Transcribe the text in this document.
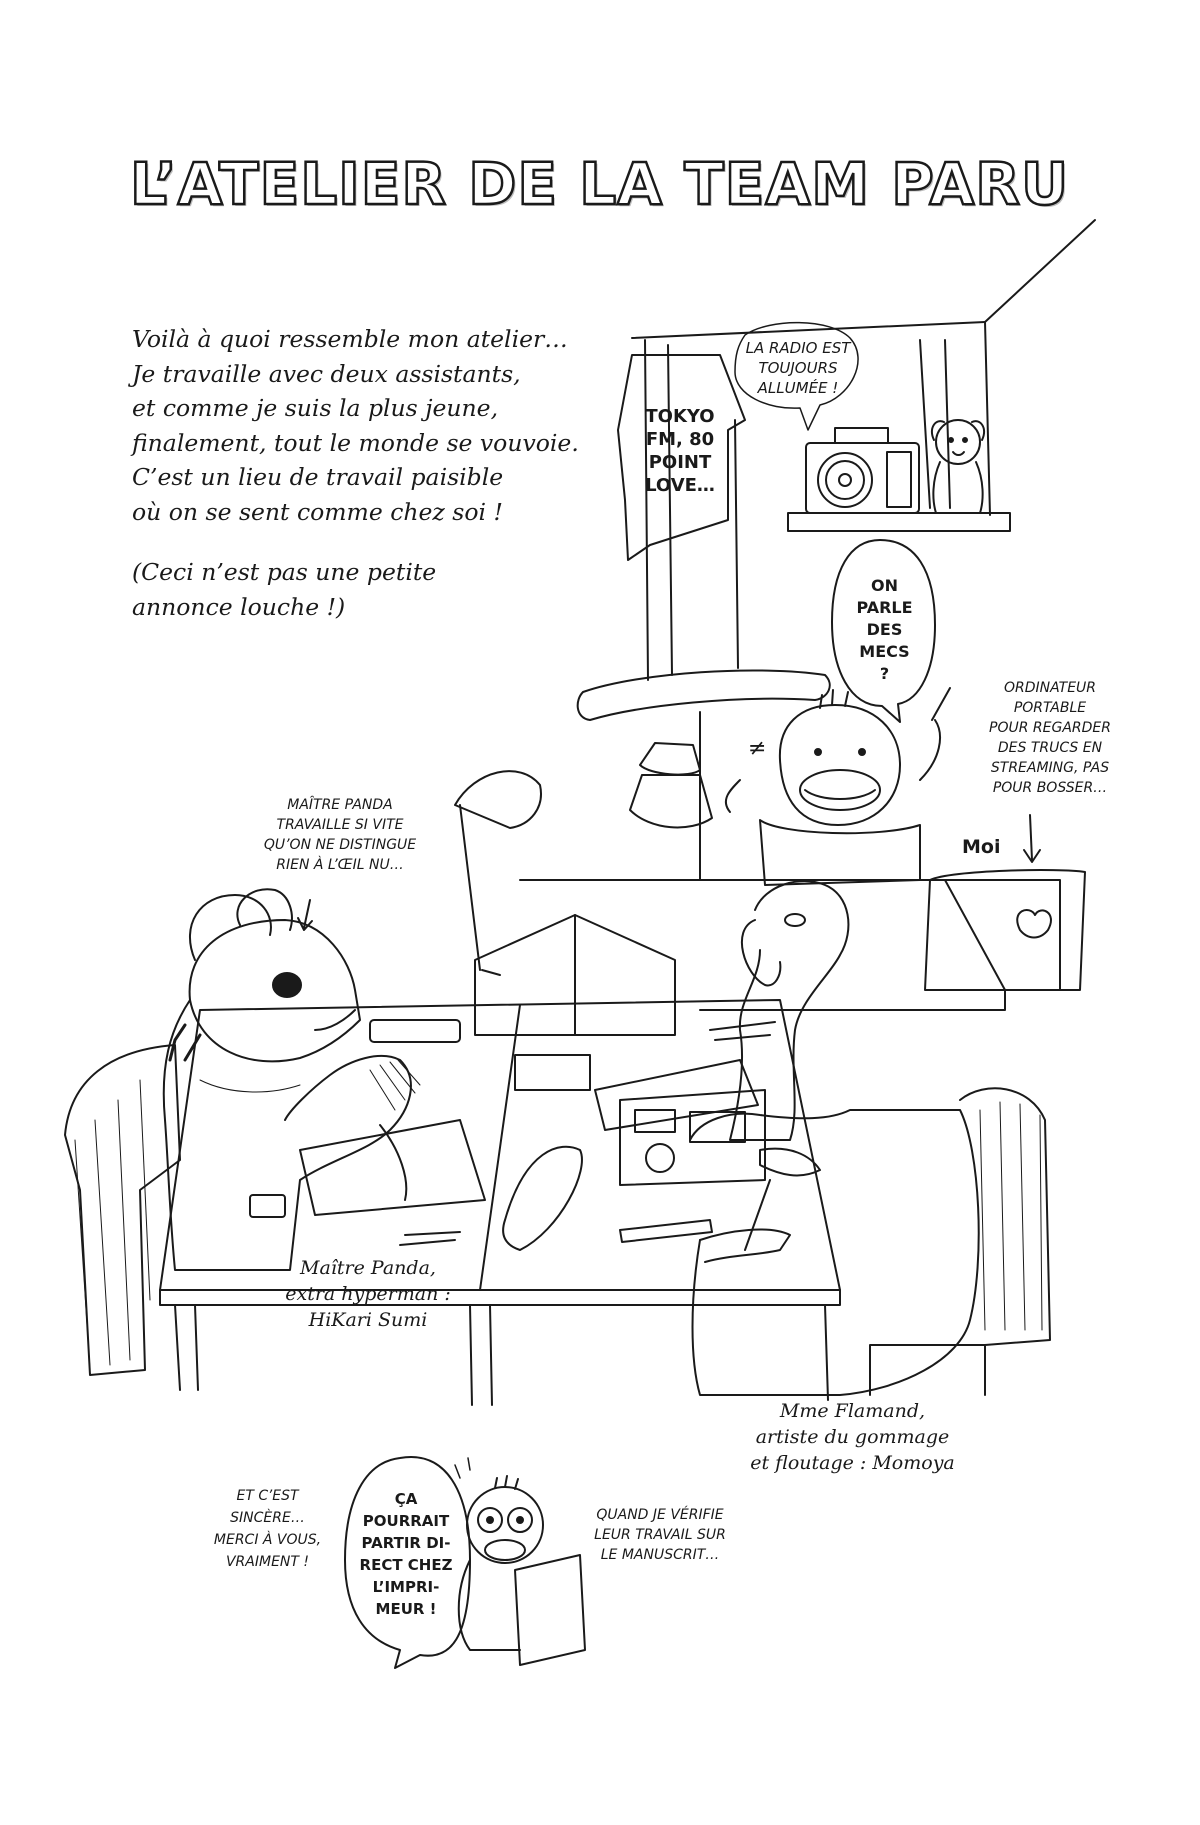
≠
L’ATELIER DE LA TEAM PARU
Voilà à quoi ressemble mon atelier…
Je travaille avec deux assistants,
et comme je suis la plus jeune,
finalement, tout le monde se vouvoie.
C’est un lieu de travail paisible
où on se sent comme chez soi !
(Ceci n’est pas une petite
annonce louche !)
LA RADIO EST
TOUJOURS
ALLUMÉE !
TOKYO
FM, 80
POINT
LOVE…
ON
PARLE
DES
MECS
?
ORDINATEUR
PORTABLE
POUR REGARDER
DES TRUCS EN
STREAMING, PAS
POUR BOSSER…
Moi
MAÎTRE PANDA
TRAVAILLE SI VITE
QU’ON NE DISTINGUE
RIEN À L’ŒIL NU…
Maître Panda,
extra hyperman :
HiKari Sumi
Mme Flamand,
artiste du gommage
et floutage : Momoya
ET C’EST
SINCÈRE…
MERCI À VOUS,
VRAIMENT !
ÇA
POURRAIT
PARTIR DI-
RECT CHEZ
L’IMPRI-
MEUR !
QUAND JE VÉRIFIE
LEUR TRAVAIL SUR
LE MANUSCRIT…
